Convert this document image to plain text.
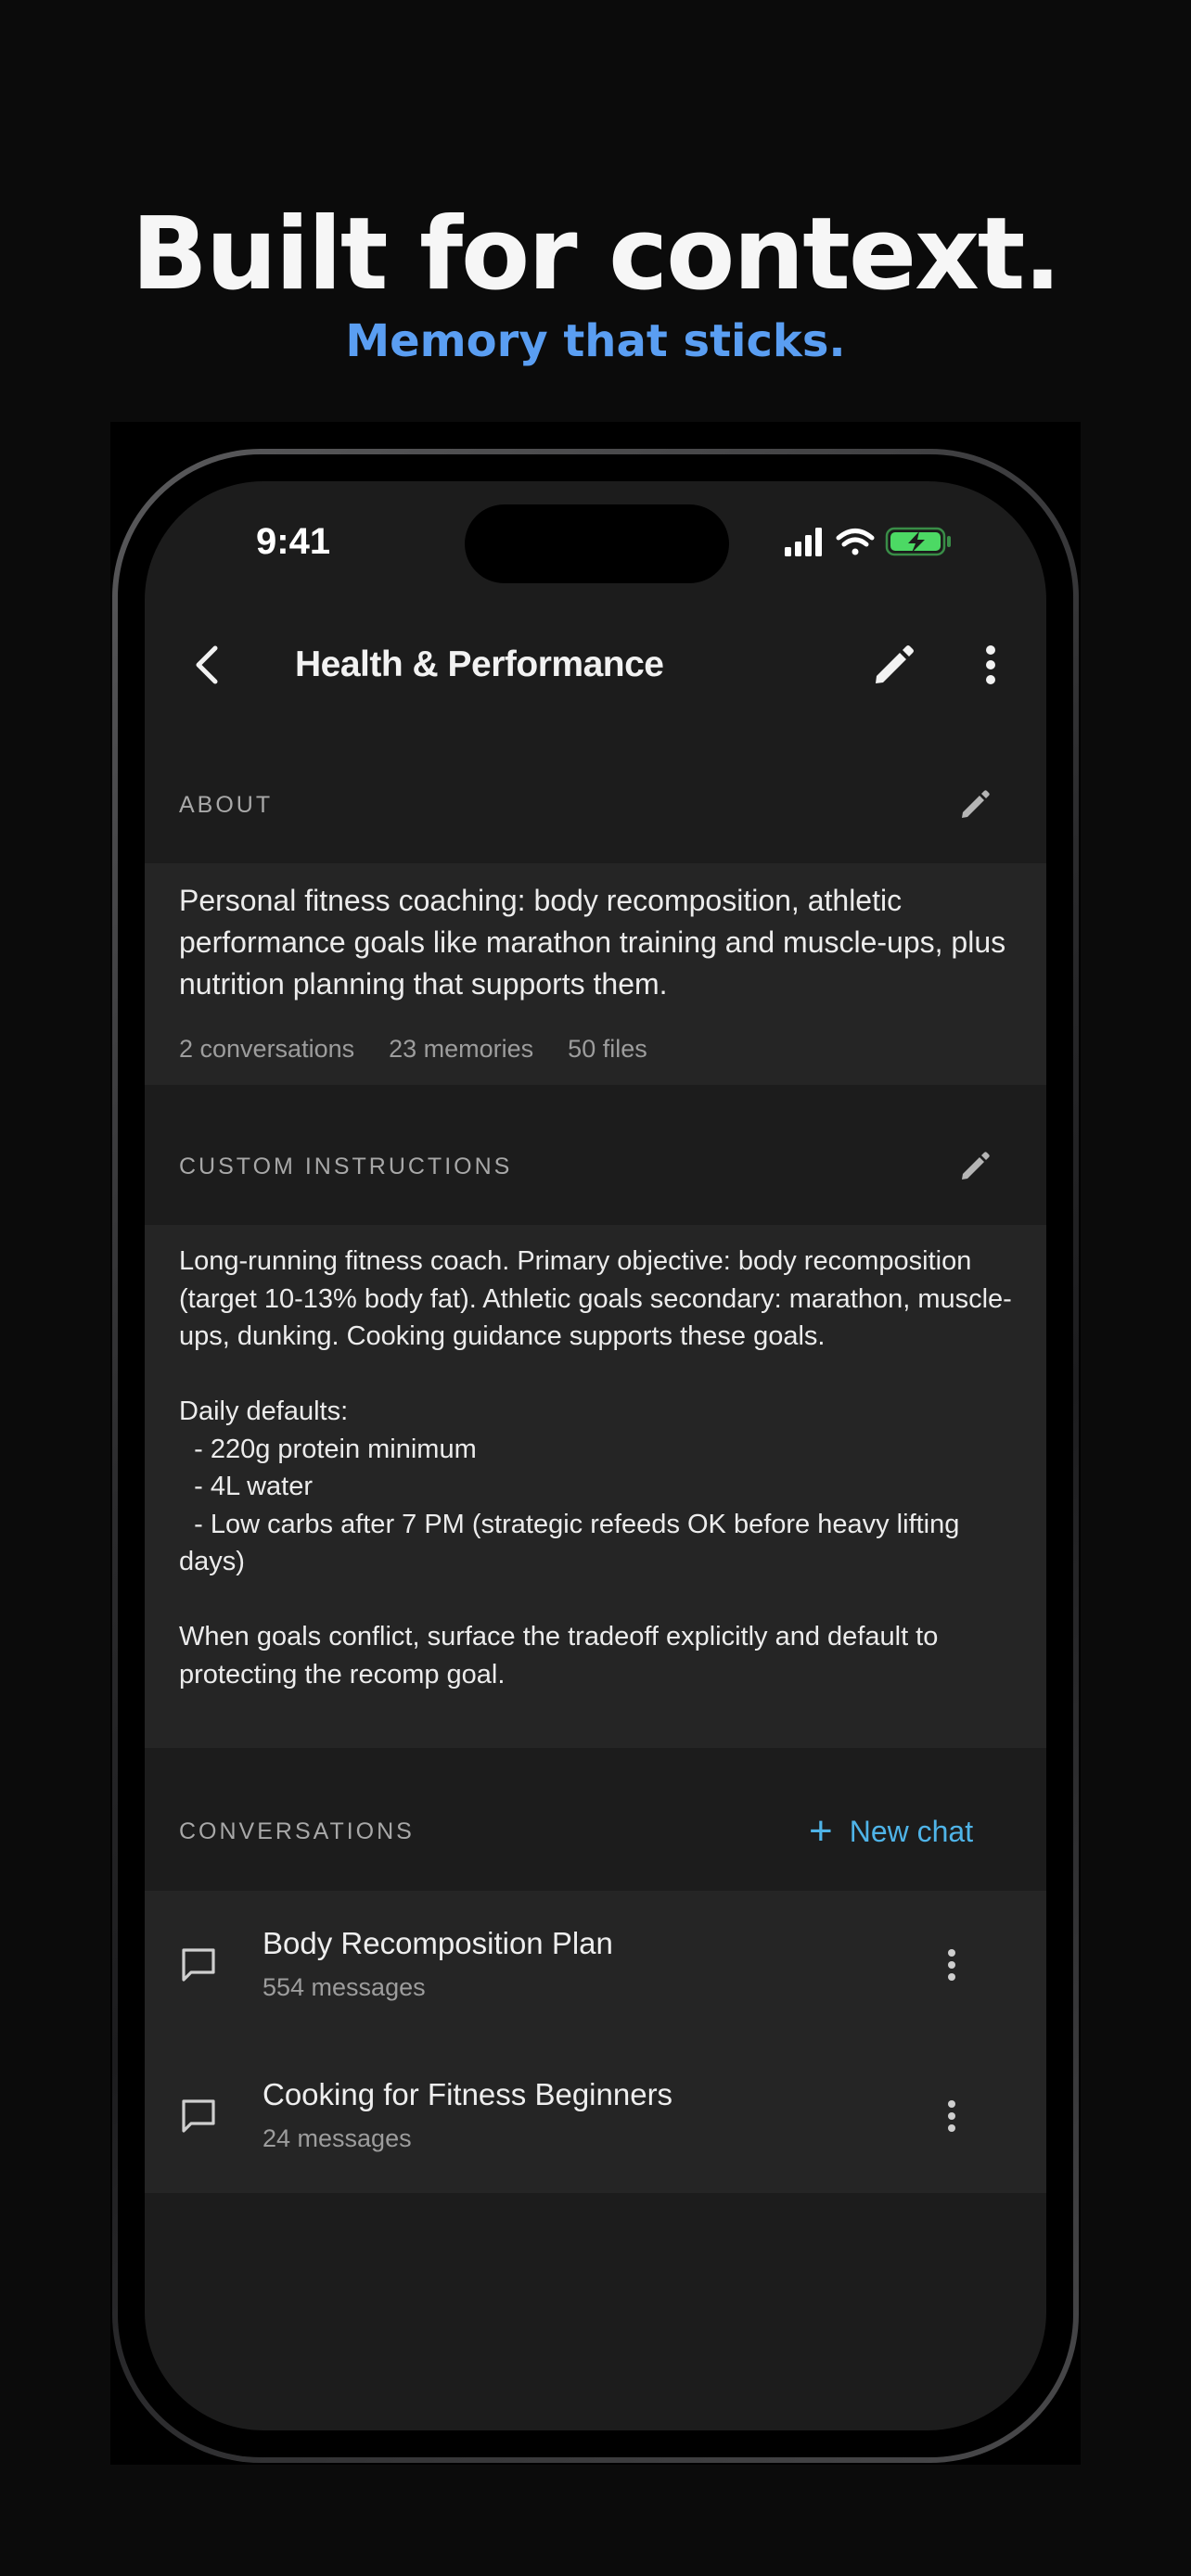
Built for context.
Memory that sticks.
9:41
Health & Performance
ABOUT
Personal fitness coaching: body recomposition, athletic performance goals like marathon training and muscle-ups, plus nutrition planning that supports them.
2 conversations 23 memories 50 files
CUSTOM INSTRUCTIONS
Long-running fitness coach. Primary objective: body recomposition (target 10-13% body fat). Athletic goals secondary: marathon, muscle-ups, dunking. Cooking guidance supports these goals.

Daily defaults:
- 220g protein minimum
- 4L water
- Low carbs after 7 PM (strategic refeeds OK before heavy lifting days)

When goals conflict, surface the tradeoff explicitly and default to protecting the recomp goal.
CONVERSATIONS	+ New chat
Body Recomposition Plan
554 messages
Cooking for Fitness Beginners
24 messages
